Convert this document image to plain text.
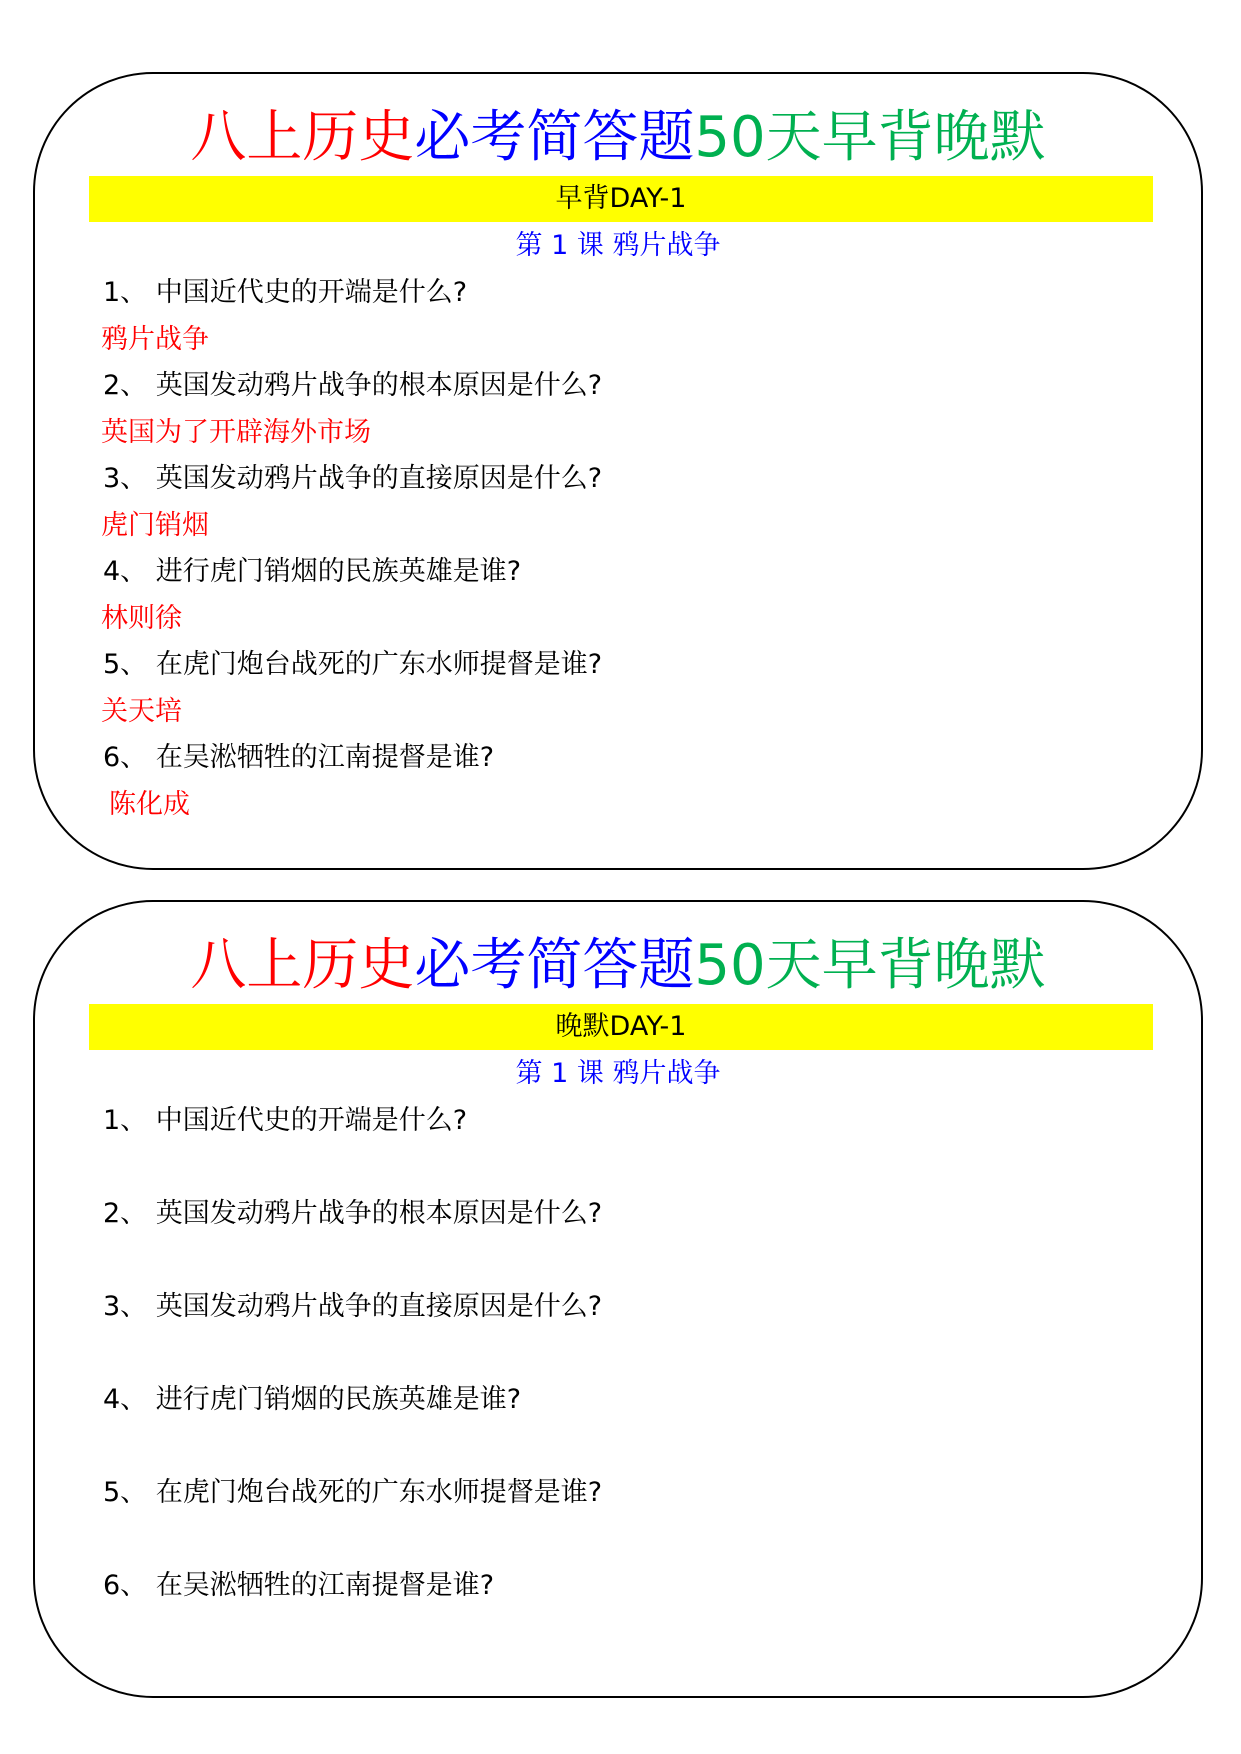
八上历史必考简答题50天早背晚默
早背DAY-1
第 1 课 鸦片战争
1、 中国近代史的开端是什么?
鸦片战争
2、 英国发动鸦片战争的根本原因是什么?
英国为了开辟海外市场
3、 英国发动鸦片战争的直接原因是什么?
虎门销烟
4、 进行虎门销烟的民族英雄是谁?
林则徐
5、 在虎门炮台战死的广东水师提督是谁?
关天培
6、 在吴淞牺牲的江南提督是谁?
陈化成
八上历史必考简答题50天早背晚默
晚默DAY-1
第 1 课 鸦片战争
1、 中国近代史的开端是什么?
2、 英国发动鸦片战争的根本原因是什么?
3、 英国发动鸦片战争的直接原因是什么?
4、 进行虎门销烟的民族英雄是谁?
5、 在虎门炮台战死的广东水师提督是谁?
6、 在吴淞牺牲的江南提督是谁?
